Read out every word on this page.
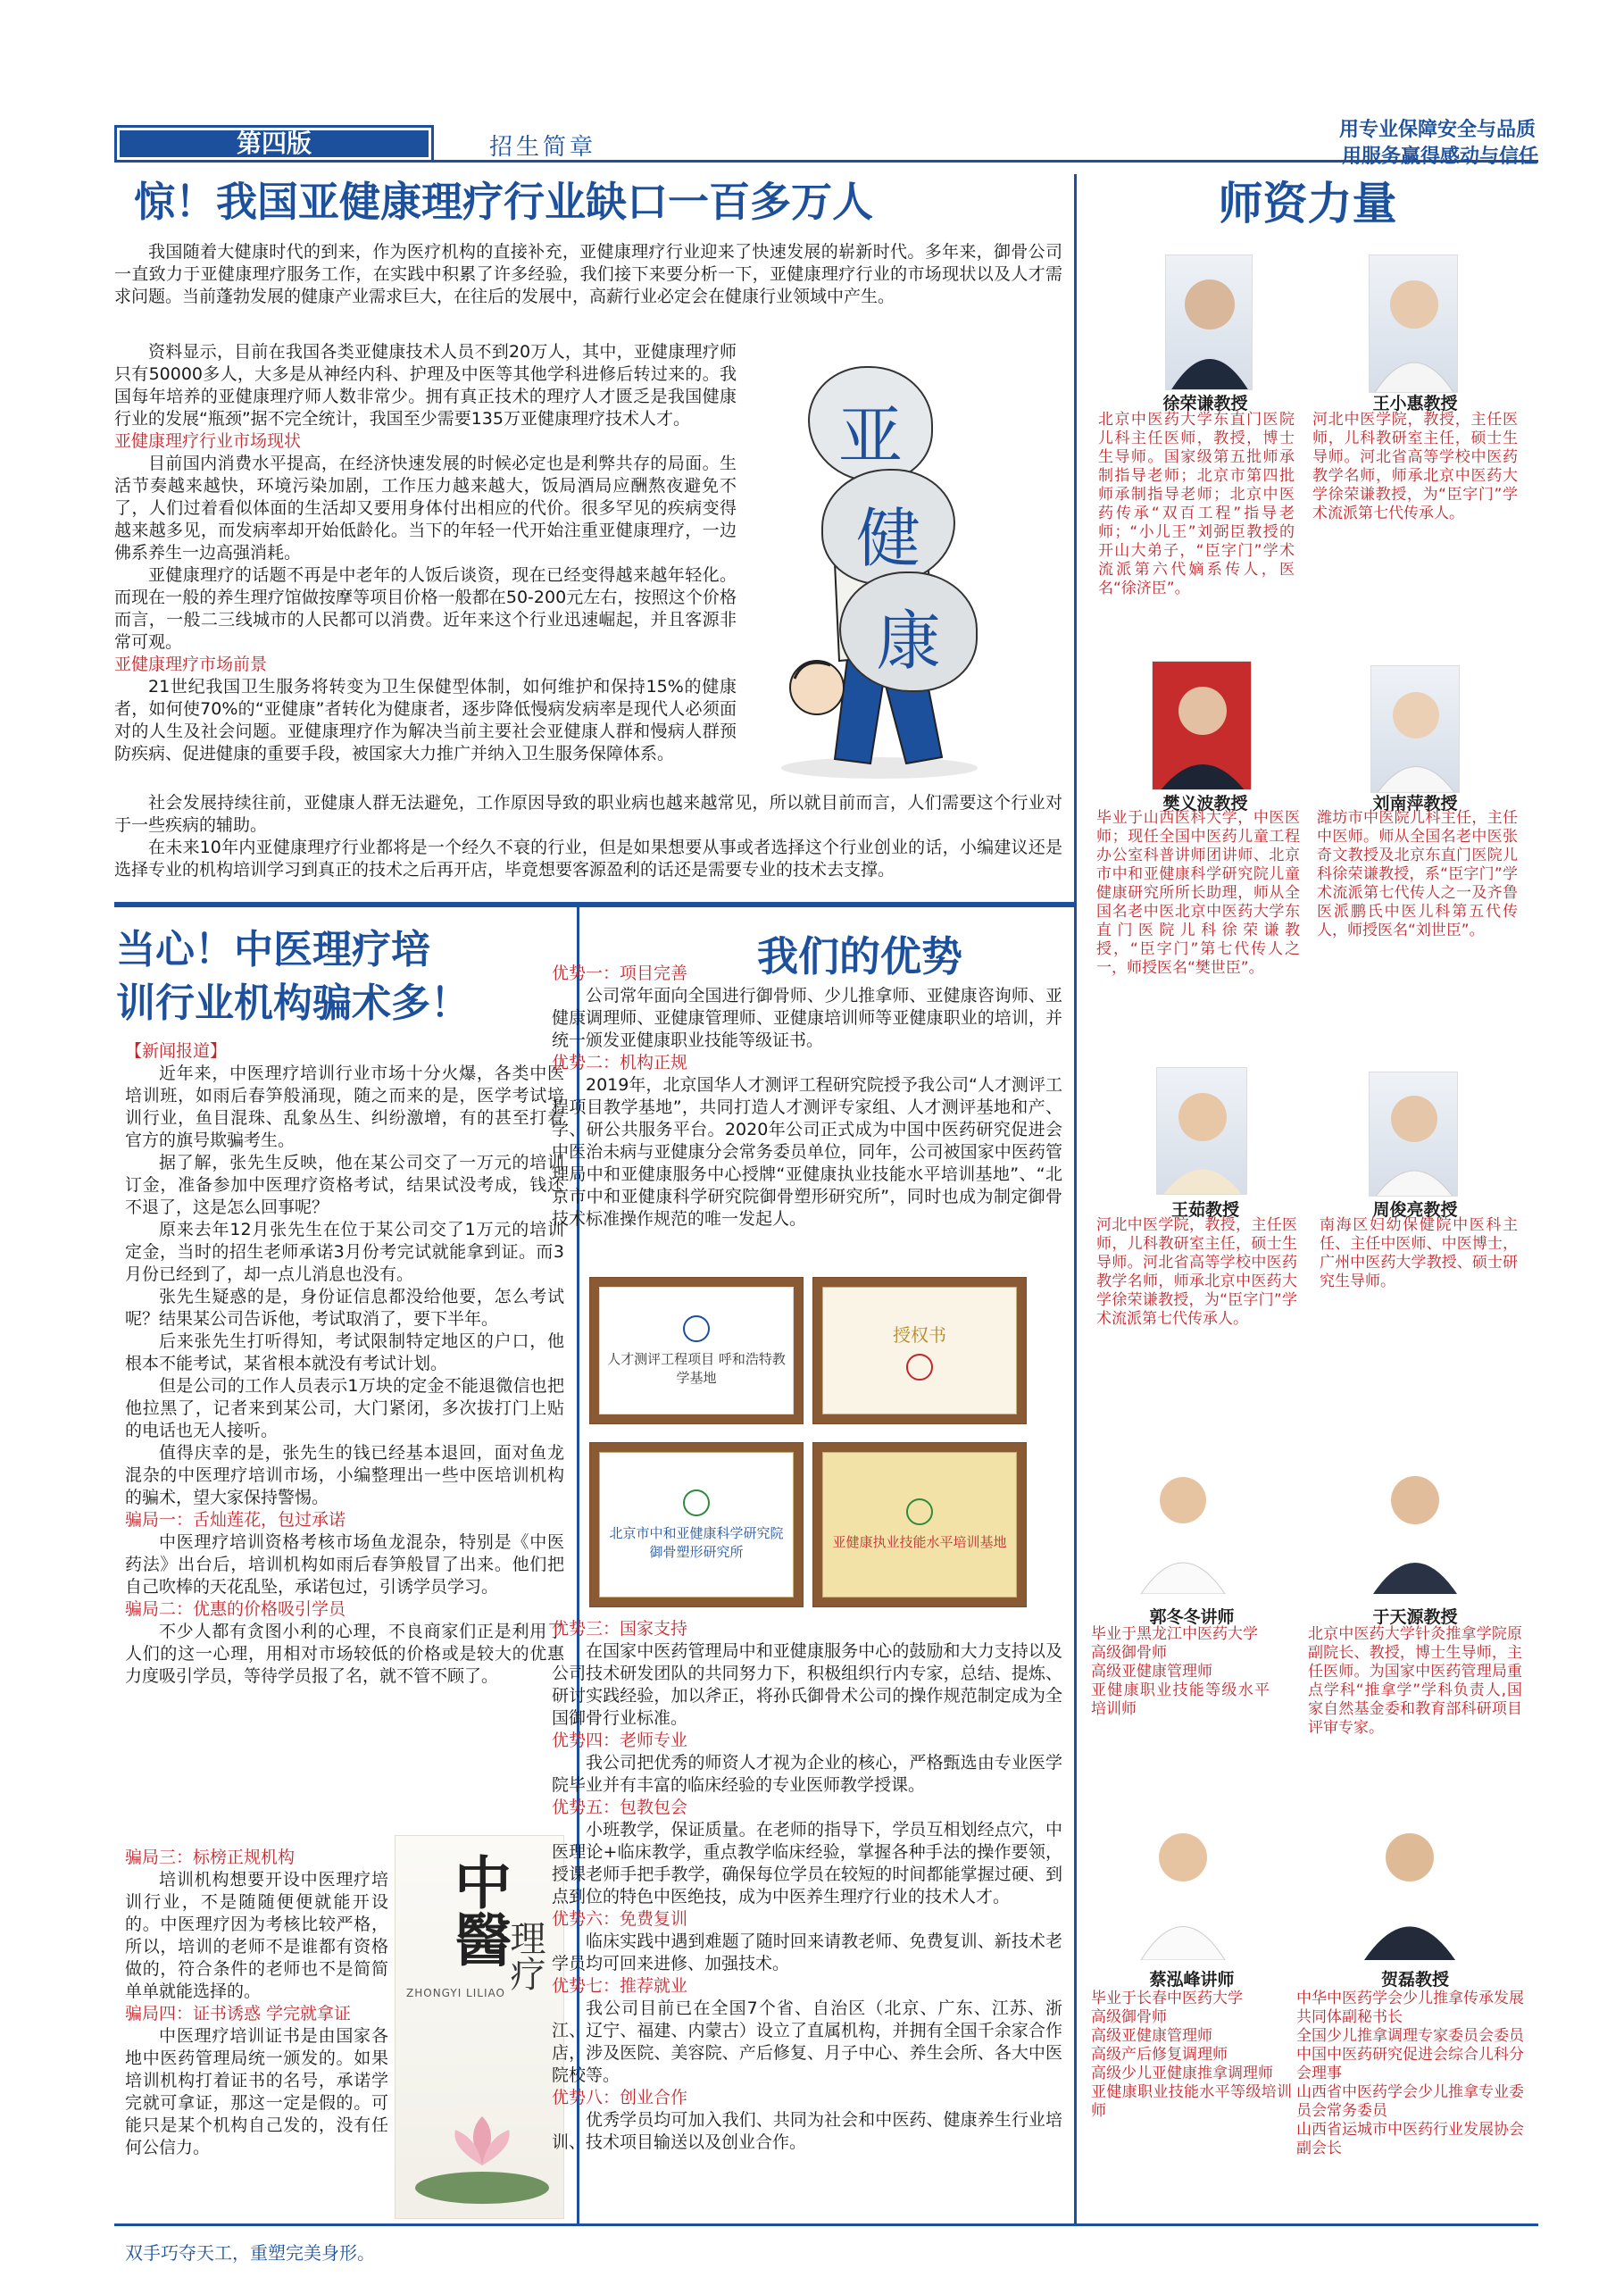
第四版	招生简章
用专业保障安全与品质
用服务赢得感动与信任
惊！我国亚健康理疗行业缺口一百多万人

我国随着大健康时代的到来，作为医疗机构的直接补充，亚健康理疗行业迎来了快速发展的崭新时代。多年来，御骨公司一直致力于亚健康理疗服务工作，在实践中积累了许多经验，我们接下来要分析一下，亚健康理疗行业的市场现状以及人才需求问题。当前蓬勃发展的健康产业需求巨大，在往后的发展中，高薪行业必定会在健康行业领域中产生。

资料显示，目前在我国各类亚健康技术人员不到20万人，其中，亚健康理疗师只有50000多人，大多是从神经内科、护理及中医等其他学科进修后转过来的。我国每年培养的亚健康理疗师人数非常少。拥有真正技术的理疗人才匮乏是我国健康行业的发展“瓶颈”据不完全统计，我国至少需要135万亚健康理疗技术人才。

亚健康理疗行业市场现状

目前国内消费水平提高，在经济快速发展的时候必定也是利弊共存的局面。生活节奏越来越快，环境污染加剧，工作压力越来越大，饭局酒局应酬熬夜避免不了，人们过着看似体面的生活却又要用身体付出相应的代价。很多罕见的疾病变得越来越多见，而发病率却开始低龄化。当下的年轻一代开始注重亚健康理疗，一边佛系养生一边高强消耗。

亚健康理疗的话题不再是中老年的人饭后谈资，现在已经变得越来越年轻化。而现在一般的养生理疗馆做按摩等项目价格一般都在50-200元左右，按照这个价格而言，一般二三线城市的人民都可以消费。近年来这个行业迅速崛起，并且客源非常可观。

亚健康理疗市场前景

21世纪我国卫生服务将转变为卫生保健型体制，如何维护和保持15%的健康者，如何使70%的“亚健康”者转化为健康者，逐步降低慢病发病率是现代人必须面对的人生及社会问题。亚健康理疗作为解决当前主要社会亚健康人群和慢病人群预防疾病、促进健康的重要手段，被国家大力推广并纳入卫生服务保障体系。

社会发展持续往前，亚健康人群无法避免，工作原因导致的职业病也越来越常见，所以就目前而言，人们需要这个行业对于一些疾病的辅助。

在未来10年内亚健康理疗行业都将是一个经久不衰的行业，但是如果想要从事或者选择这个行业创业的话，小编建议还是选择专业的机构培训学习到真正的技术之后再开店，毕竟想要客源盈利的话还是需要专业的技术去支撑。

亚
健
康
师资力量
徐荣谦教授
北京中医药大学东直门医院儿科主任医师，教授，博士生导师。国家级第五批师承制指导老师；北京市第四批师承制指导老师；北京中医药传承“双百工程”指导老师；“小儿王”刘弼臣教授的开山大弟子，“臣字门”学术流派第六代嫡系传人，医名“徐济臣”。
王小惠教授
河北中医学院，教授，主任医师，儿科教研室主任，硕士生导师。河北省高等学校中医药教学名师，师承北京中医药大学徐荣谦教授，为“臣字门”学术流派第七代传承人。
樊义波教授
毕业于山西医科大学，中医医师；现任全国中医药儿童工程办公室科普讲师团讲师、北京市中和亚健康科学研究院儿童健康研究所所长助理，师从全国名老中医北京中医药大学东直门医院儿科徐荣谦教授，“臣字门”第七代传人之一，师授医名“樊世臣”。
刘南萍教授
潍坊市中医院儿科主任，主任中医师。师从全国名老中医张奇文教授及北京东直门医院儿科徐荣谦教授，系“臣字门”学术流派第七代传人之一及齐鲁医派鹏氏中医儿科第五代传人，师授医名“刘世臣”。
王茹教授
河北中医学院，教授，主任医师，儿科教研室主任，硕士生导师。河北省高等学校中医药教学名师，师承北京中医药大学徐荣谦教授，为“臣字门”学术流派第七代传承人。
周俊亮教授
南海区妇幼保健院中医科主任、主任中医师、中医博士，广州中医药大学教授、硕士研究生导师。
郭冬冬讲师
毕业于黑龙江中医药大学
高级御骨师
高级亚健康管理师
亚健康职业技能等级水平培训师
于天源教授
北京中医药大学针灸推拿学院原副院长、教授，博士生导师，主任医师。为国家中医药管理局重点学科“推拿学”学科负责人,国家自然基金委和教育部科研项目评审专家。
蔡泓峰讲师
毕业于长春中医药大学
高级御骨师
高级亚健康管理师
高级产后修复调理师
高级少儿亚健康推拿调理师
亚健康职业技能水平等级培训师
贺磊教授
中华中医药学会少儿推拿传承发展共同体副秘书长
全国少儿推拿调理专家委员会委员
中国中医药研究促进会综合儿科分会理事
山西省中医药学会少儿推拿专业委员会常务委员
山西省运城市中医药行业发展协会副会长
当心！中医理疗培
训行业机构骗术多！

【新闻报道】

近年来，中医理疗培训行业市场十分火爆，各类中医培训班，如雨后春笋般涌现，随之而来的是，医学考试培训行业，鱼目混珠、乱象丛生、纠纷激增，有的甚至打着官方的旗号欺骗考生。

据了解，张先生反映，他在某公司交了一万元的培训订金，准备参加中医理疗资格考试，结果试没考成，钱还不退了，这是怎么回事呢？

原来去年12月张先生在位于某公司交了1万元的培训定金，当时的招生老师承诺3月份考完试就能拿到证。而3月份已经到了，却一点儿消息也没有。

张先生疑惑的是，身份证信息都没给他要，怎么考试呢？结果某公司告诉他，考试取消了，要下半年。

后来张先生打听得知，考试限制特定地区的户口，他根本不能考试，某省根本就没有考试计划。

但是公司的工作人员表示1万块的定金不能退微信也把他拉黑了，记者来到某公司，大门紧闭，多次拔打门上贴的电话也无人接听。

值得庆幸的是，张先生的钱已经基本退回，面对鱼龙混杂的中医理疗培训市场，小编整理出一些中医培训机构的骗术，望大家保持警惕。

骗局一：舌灿莲花，包过承诺

中医理疗培训资格考核市场鱼龙混杂，特别是《中医药法》出台后，培训机构如雨后春笋般冒了出来。他们把自己吹棒的天花乱坠，承诺包过，引诱学员学习。

骗局二：优惠的价格吸引学员

不少人都有贪图小利的心理，不良商家们正是利用了人们的这一心理，用相对市场较低的价格或是较大的优惠力度吸引学员，等待学员报了名，就不管不顾了。

骗局三：标榜正规机构

培训机构想要开设中医理疗培训行业，不是随随便便就能开设的。中医理疗因为考核比较严格，所以，培训的老师不是谁都有资格做的，符合条件的老师也不是简简单单就能选择的。

骗局四：证书诱惑 学完就拿证

中医理疗培训证书是由国家各地中医药管理局统一颁发的。如果培训机构打着证书的名号，承诺学完就可拿证，那这一定是假的。可能只是某个机构自己发的，没有任何公信力。

中醫
理疗
ZHONGYI LILIAO
我们的优势

优势一：项目完善

公司常年面向全国进行御骨师、少儿推拿师、亚健康咨询师、亚健康调理师、亚健康管理师、亚健康培训师等亚健康职业的培训，并统一颁发亚健康职业技能等级证书。

优势二：机构正规

2019年，北京国华人才测评工程研究院授予我公司“人才测评工程项目教学基地”，共同打造人才测评专家组、人才测评基地和产、学、研公共服务平台。2020年公司正式成为中国中医药研究促进会中医治未病与亚健康分会常务委员单位，同年，公司被国家中医药管理局中和亚健康服务中心授牌“亚健康执业技能水平培训基地”、“北京市中和亚健康科学研究院御骨塑形研究所”，同时也成为制定御骨技术标准操作规范的唯一发起人。

人才测评工程项目 呼和浩特教学基地
授权书
北京市中和亚健康科学研究院 御骨塑形研究所
亚健康执业技能水平培训基地

优势三：国家支持

在国家中医药管理局中和亚健康服务中心的鼓励和大力支持以及公司技术研发团队的共同努力下，积极组织行内专家，总结、提炼、研讨实践经验，加以斧正，将孙氏御骨术公司的操作规范制定成为全国御骨行业标准。

优势四：老师专业

我公司把优秀的师资人才视为企业的核心，严格甄选由专业医学院毕业并有丰富的临床经验的专业医师教学授课。

优势五：包教包会

小班教学，保证质量。在老师的指导下，学员互相划经点穴，中医理论+临床教学，重点教学临床经验，掌握各种手法的操作要领，授课老师手把手教学，确保每位学员在较短的时间都能掌握过硬、到点到位的特色中医绝技，成为中医养生理疗行业的技术人才。

优势六：免费复训

临床实践中遇到难题了随时回来请教老师、免费复训、新技术老学员均可回来进修、加强技术。

优势七：推荐就业

我公司目前已在全国7个省、自治区（北京、广东、江苏、浙江、辽宁、福建、内蒙古）设立了直属机构，并拥有全国千余家合作店，涉及医院、美容院、产后修复、月子中心、养生会所、各大中医院校等。

优势八：创业合作

优秀学员均可加入我们、共同为社会和中医药、健康养生行业培训、技术项目输送以及创业合作。

双手巧夺天工，重塑完美身形。
